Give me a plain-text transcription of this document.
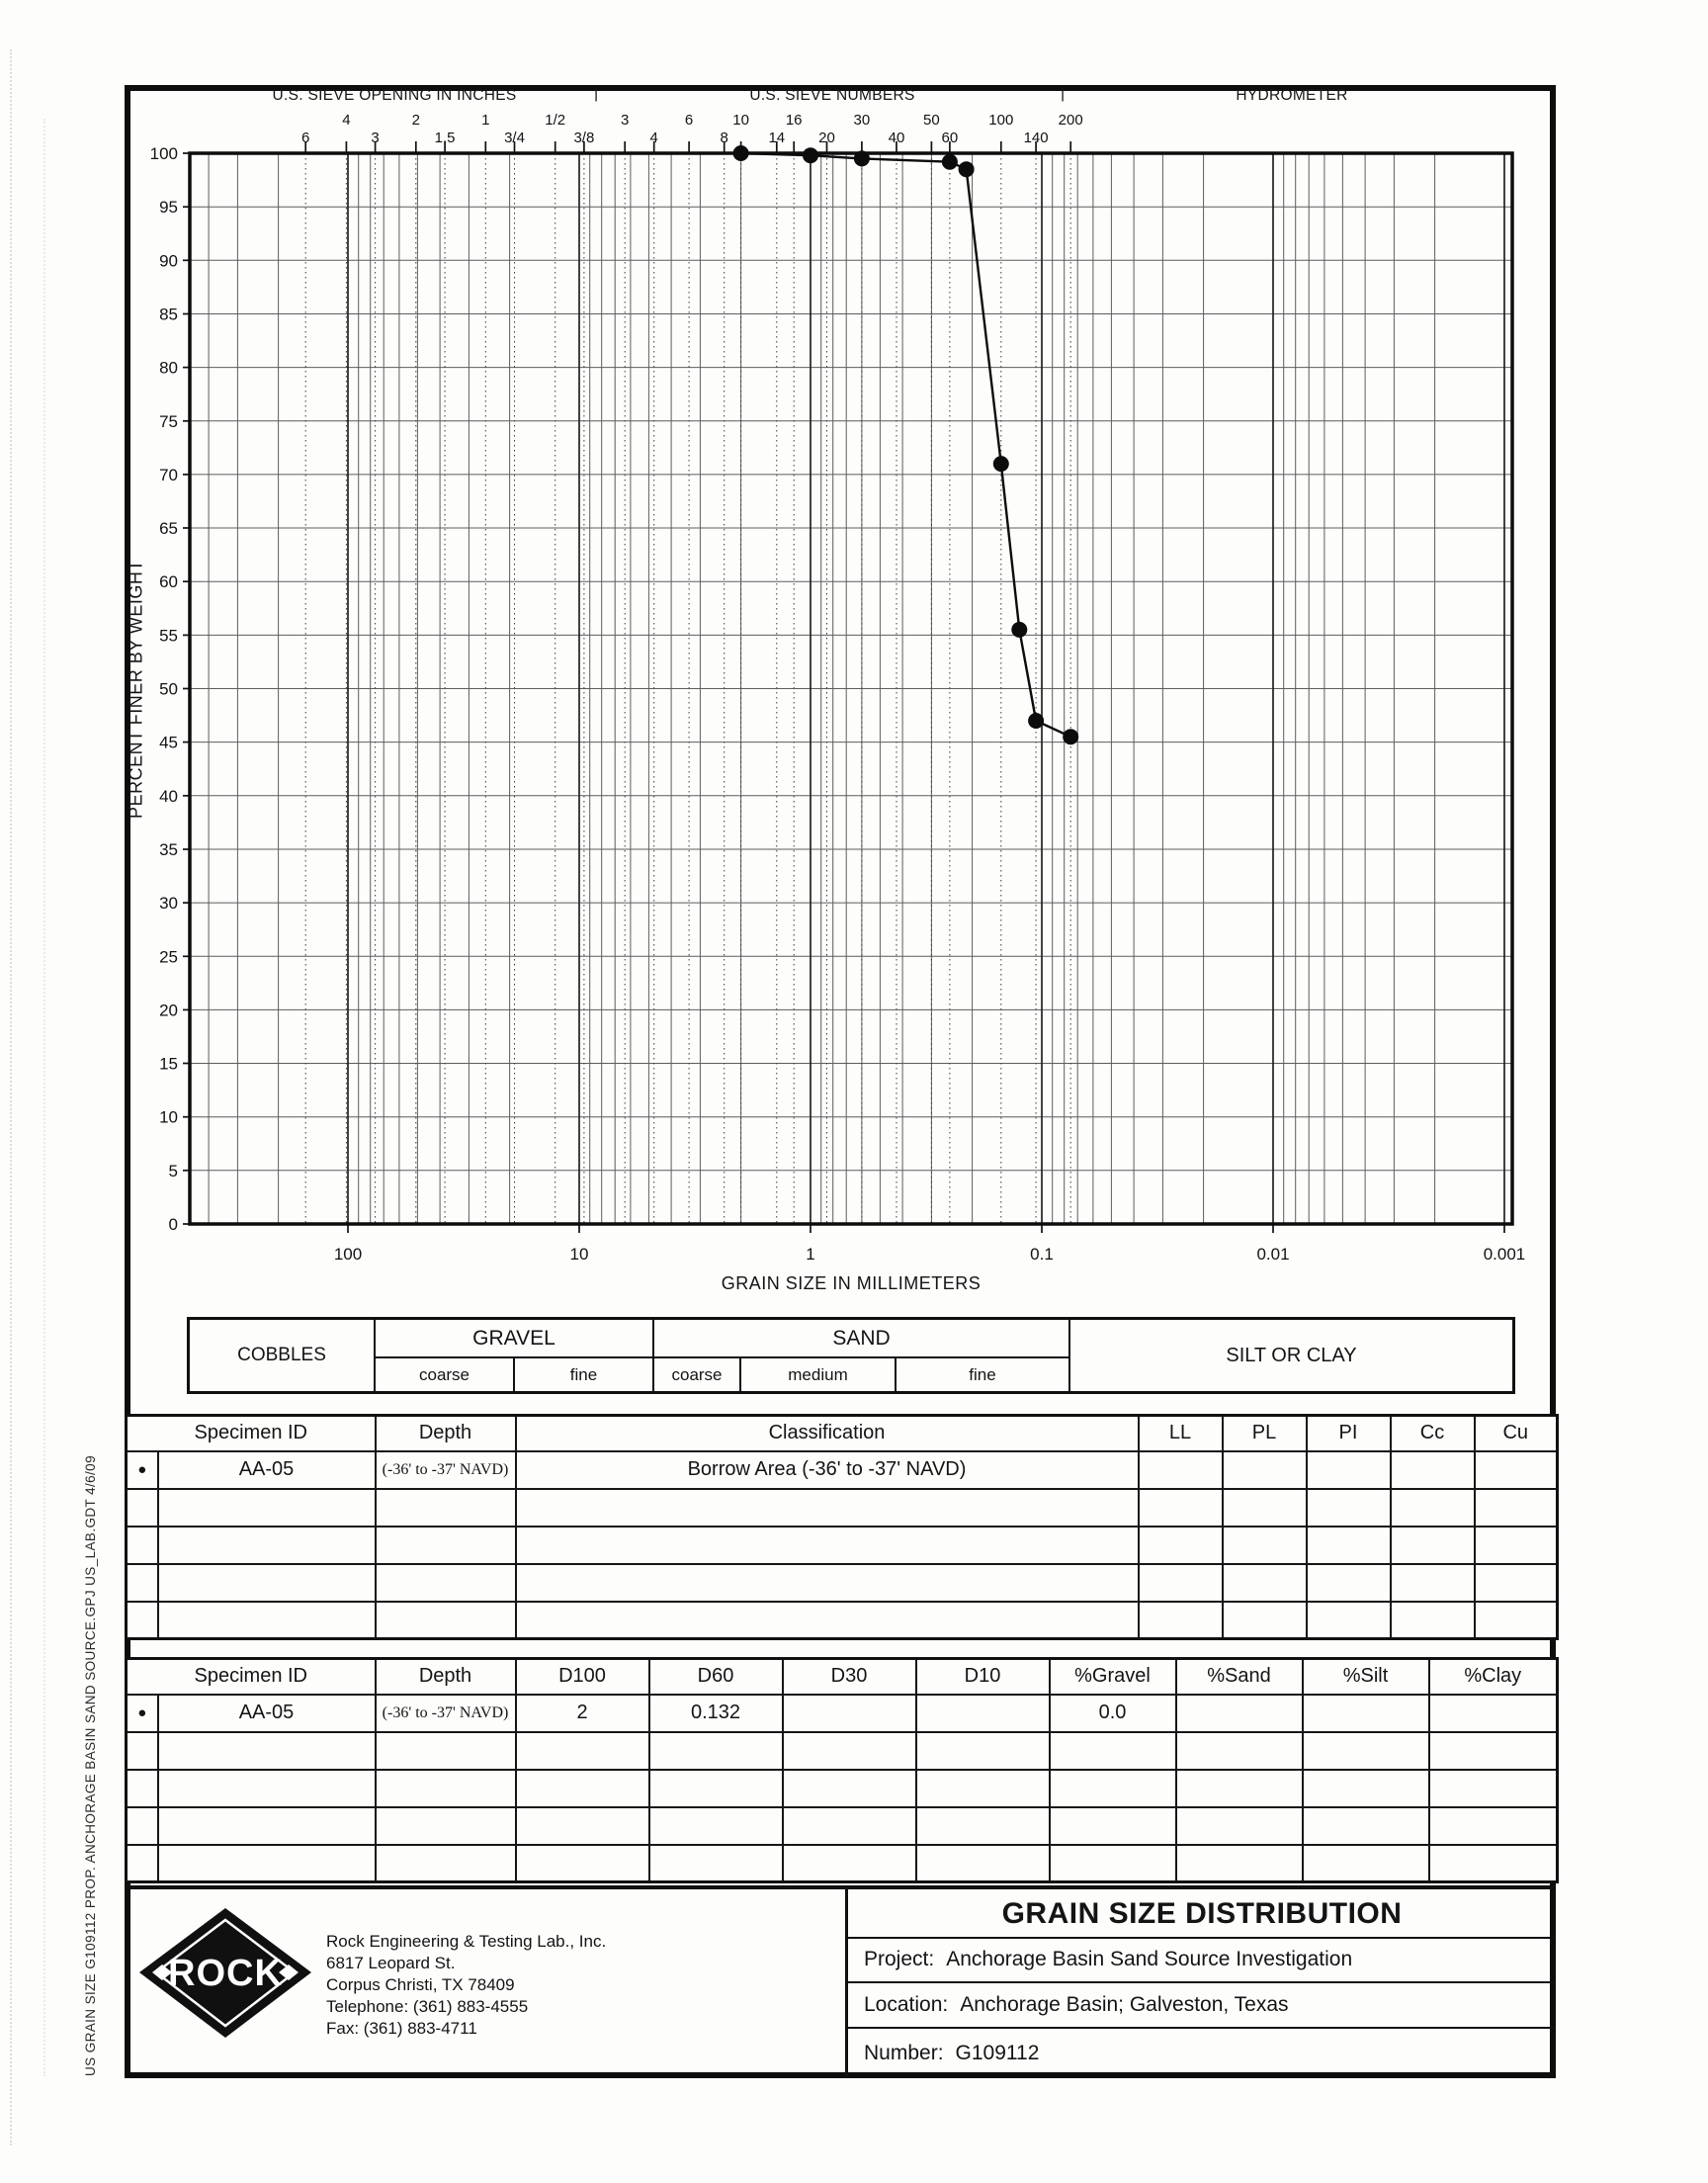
US GRAIN SIZE G109112 PROP. ANCHORAGE BASIN SAND SOURCE.GPJ US_LAB.GDT 4/6/09
6
4
3
2
1.5
1
3/4
1/2
3/8
3
4
6
8
10
14
16
20
30
40
50
60
100
140
200
0
5
10
15
20
25
30
35
40
45
50
55
60
65
70
75
80
85
90
95
100
100	10	1	0.1	0.01	0.001
U.S. SIEVE OPENING IN INCHES	|	U.S. SIEVE NUMBERS	|	HYDROMETER
PERCENT FINER BY WEIGHT
GRAIN SIZE IN MILLIMETERS
COBBLES
GRAVEL	SAND
SILT OR CLAY
coarse	fine	coarse	medium	fine
Specimen ID		Depth	Classification	LL	PL	PI	Cc	Cu
●	AA-05	(-36' to -37' NAVD)	Borrow Area (-36' to -37' NAVD)					

Specimen ID		Depth	D100	D60	D30	D10	%Gravel	%Sand	%Silt	%Clay
●	AA-05	(-36' to -37' NAVD)	2	0.132			0.0			

ROCK
Rock Engineering & Testing Lab., Inc.
6817 Leopard St.
Corpus Christi, TX 78409
Telephone: (361) 883-4555
Fax: (361) 883-4711
GRAIN SIZE DISTRIBUTION
Project: Anchorage Basin Sand Source Investigation
Location: Anchorage Basin; Galveston, Texas
Number: G109112
